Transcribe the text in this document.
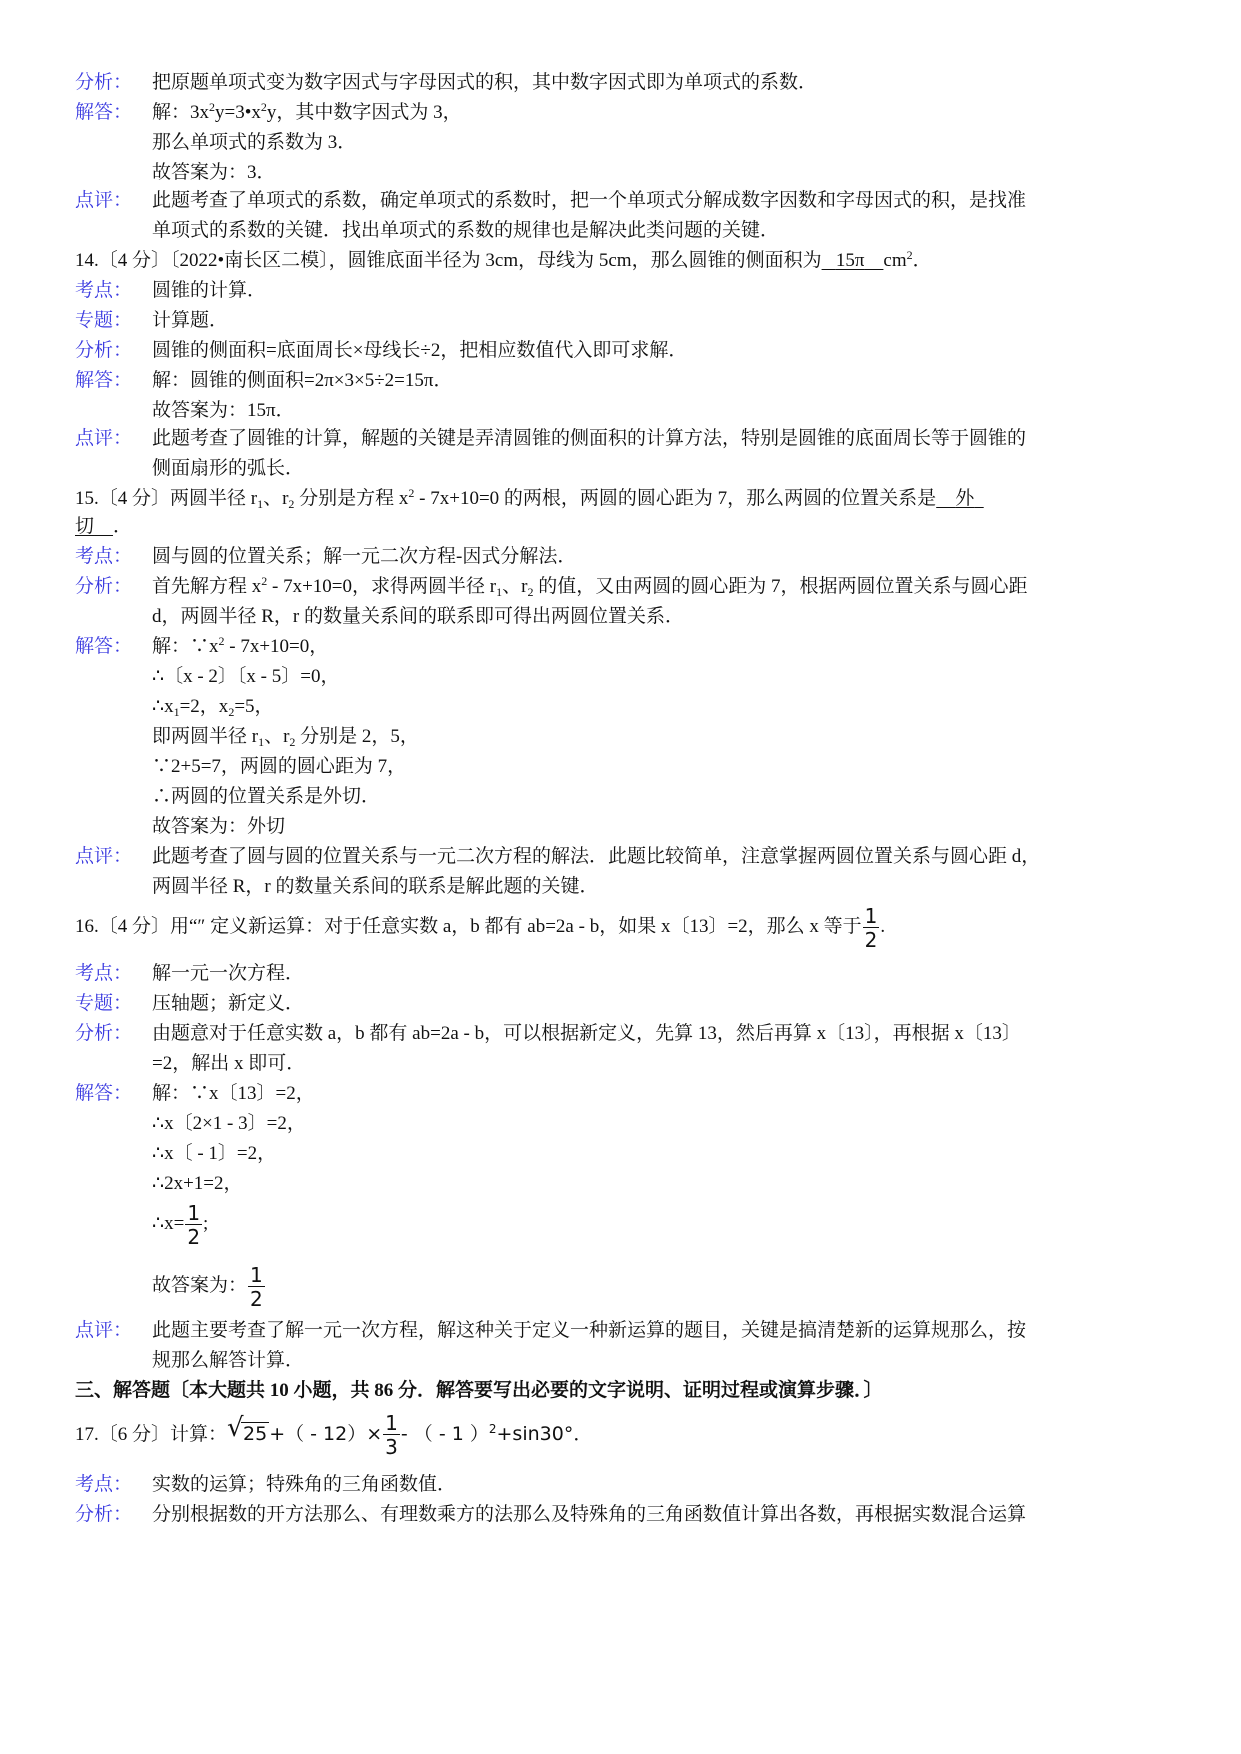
分析： 把原题单项式变为数字因式与字母因式的积，其中数字因式即为单项式的系数．
解答： 解：$3x^2y=3•x^2y$，其中数字因式为 3，
那么单项式的系数为 3．
故答案为：3．
点评： 此题考查了单项式的系数，确定单项式的系数时，把一个单项式分解成数字因数和字母因式的积，是找准
单项式的系数的关键．找出单项式的系数的规律也是解决此类问题的关键．
14.〔4 分〕〔2022•南长区二模〕，圆锥底面半径为 3cm，母线为 5cm，那么圆锥的侧面积为 15π $cm^2$．
考点： 圆锥的计算．
专题： 计算题．
分析： 圆锥的侧面积=底面周长×母线长÷2，把相应数值代入即可求解．
解答： 解：圆锥的侧面积=2π×3×5÷2=15π．
故答案为：15π．
点评： 此题考查了圆锥的计算，解题的关键是弄清圆锥的侧面积的计算方法，特别是圆锥的底面周长等于圆锥的
侧面扇形的弧长．
15.〔4 分〕两圆半径 $r_1$、$r_2$ 分别是方程 $x^2 - 7x+10=0$ 的两根，两圆的圆心距为 7，那么两圆的位置关系是 外
切 ．
考点： 圆与圆的位置关系；解一元二次方程-因式分解法．
分析： 首先解方程 $x^2 - 7x+10=0$，求得两圆半径 $r_1$、$r_2$ 的值，又由两圆的圆心距为 7，根据两圆位置关系与圆心距
d，两圆半径 R，r 的数量关系间的联系即可得出两圆位置关系．
解答： 解：$\because x^2 - 7x+10=0$，
∴〔x - 2〕〔x - 5〕=0，
$\therefore x_1=2$，$x_2=5$，
即两圆半径 $r_1$、$r_2$ 分别是 2，5，
∵2+5=7，两圆的圆心距为 7，
∴两圆的位置关系是外切．
故答案为：外切
点评： 此题考查了圆与圆的位置关系与一元二次方程的解法．此题比较简单，注意掌握两圆位置关系与圆心距 d，
两圆半径 R，r 的数量关系间的联系是解此题的关键．
16.〔4 分〕用“″ 定义新运算：对于任意实数 a，b 都有 ab=2a - b，如果 x〔13〕=2，那么 x 等于 $\frac{1}{2}$ .
考点： 解一元一次方程．
专题： 压轴题；新定义．
分析： 由题意对于任意实数 a，b 都有 ab=2a - b，可以根据新定义，先算 13，然后再算 x〔13〕，再根据 x〔13〕
=2，解出 x 即可．
解答： 解：∵x〔13〕=2，
∴x〔2×1 - 3〕=2，
∴x〔 - 1〕=2，
∴2x+1=2，
∴x= $\frac{1}{2}$ ;
故答案为： $\frac{1}{2}$
点评： 此题主要考查了解一元一次方程，解这种关于定义一种新运算的题目，关键是搞清楚新的运算规那么，按
规那么解答计算．
三、解答题〔本大题共 10 小题，共 86 分．解答要写出必要的文字说明、证明过程或演算步骤．〕
17.〔6 分〕计算： √ 25 +（ - $12)\times \frac{1}{3}$ - （ - 1 ）$^2$+sin30°．
考点： 实数的运算；特殊角的三角函数值．
分析： 分别根据数的开方法那么、有理数乘方的法那么及特殊角的三角函数值计算出各数，再根据实数混合运算
